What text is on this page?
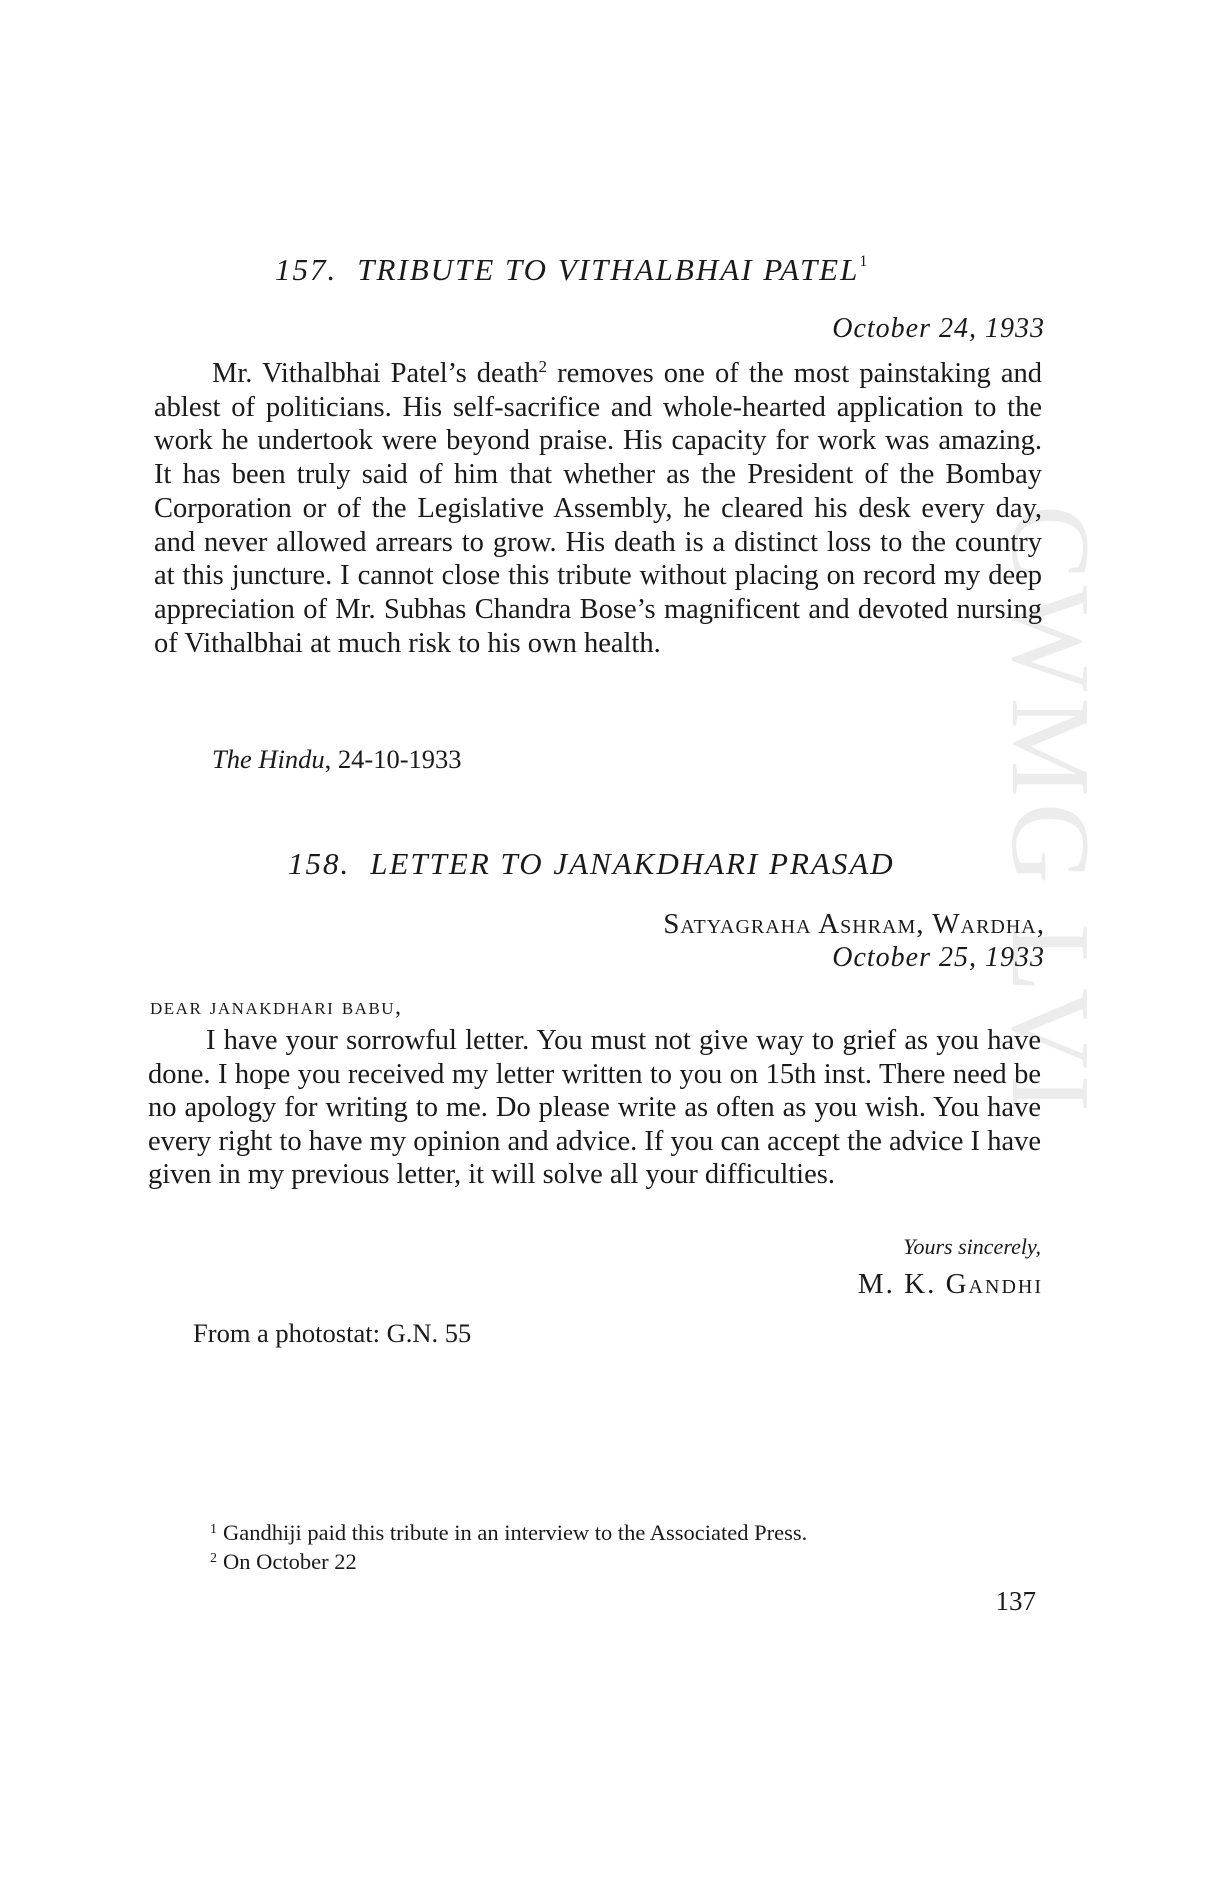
CWMG LVI
157. TRIBUTE TO VITHALBHAI PATEL$^1$
October 24, 1933
Mr. Vithalbhai Patel’s death$^2$ removes one of the most painstaking and ablest of politicians. His self-sacrifice and whole-hearted application to the work he undertook were beyond praise. His capacity for work was amazing. It has been truly said of him that whether as the President of the Bombay Corporation or of the Legislative Assembly, he cleared his desk every day, and never allowed arrears to grow. His death is a distinct loss to the country at this juncture. I cannot close this tribute without placing on record my deep appreciation of Mr. Subhas Chandra Bose’s magnificent and devoted nursing of Vithalbhai at much risk to his own health.
The Hindu, 24-10-1933
158. LETTER TO JANAKDHARI PRASAD
Satyagraha Ashram, Wardha,
October 25, 1933
dear janakdhari babu,
I have your sorrowful letter. You must not give way to grief as you have done. I hope you received my letter written to you on 15th inst. There need be no apology for writing to me. Do please write as often as you wish. You have every right to have my opinion and advice. If you can accept the advice I have given in my previous letter, it will solve all your difficulties.
Yours sincerely,
M. K. Gandhi
From a photostat: G.N. 55
$^1$ Gandhiji paid this tribute in an interview to the Associated Press.
$^2$ On October 22
137
